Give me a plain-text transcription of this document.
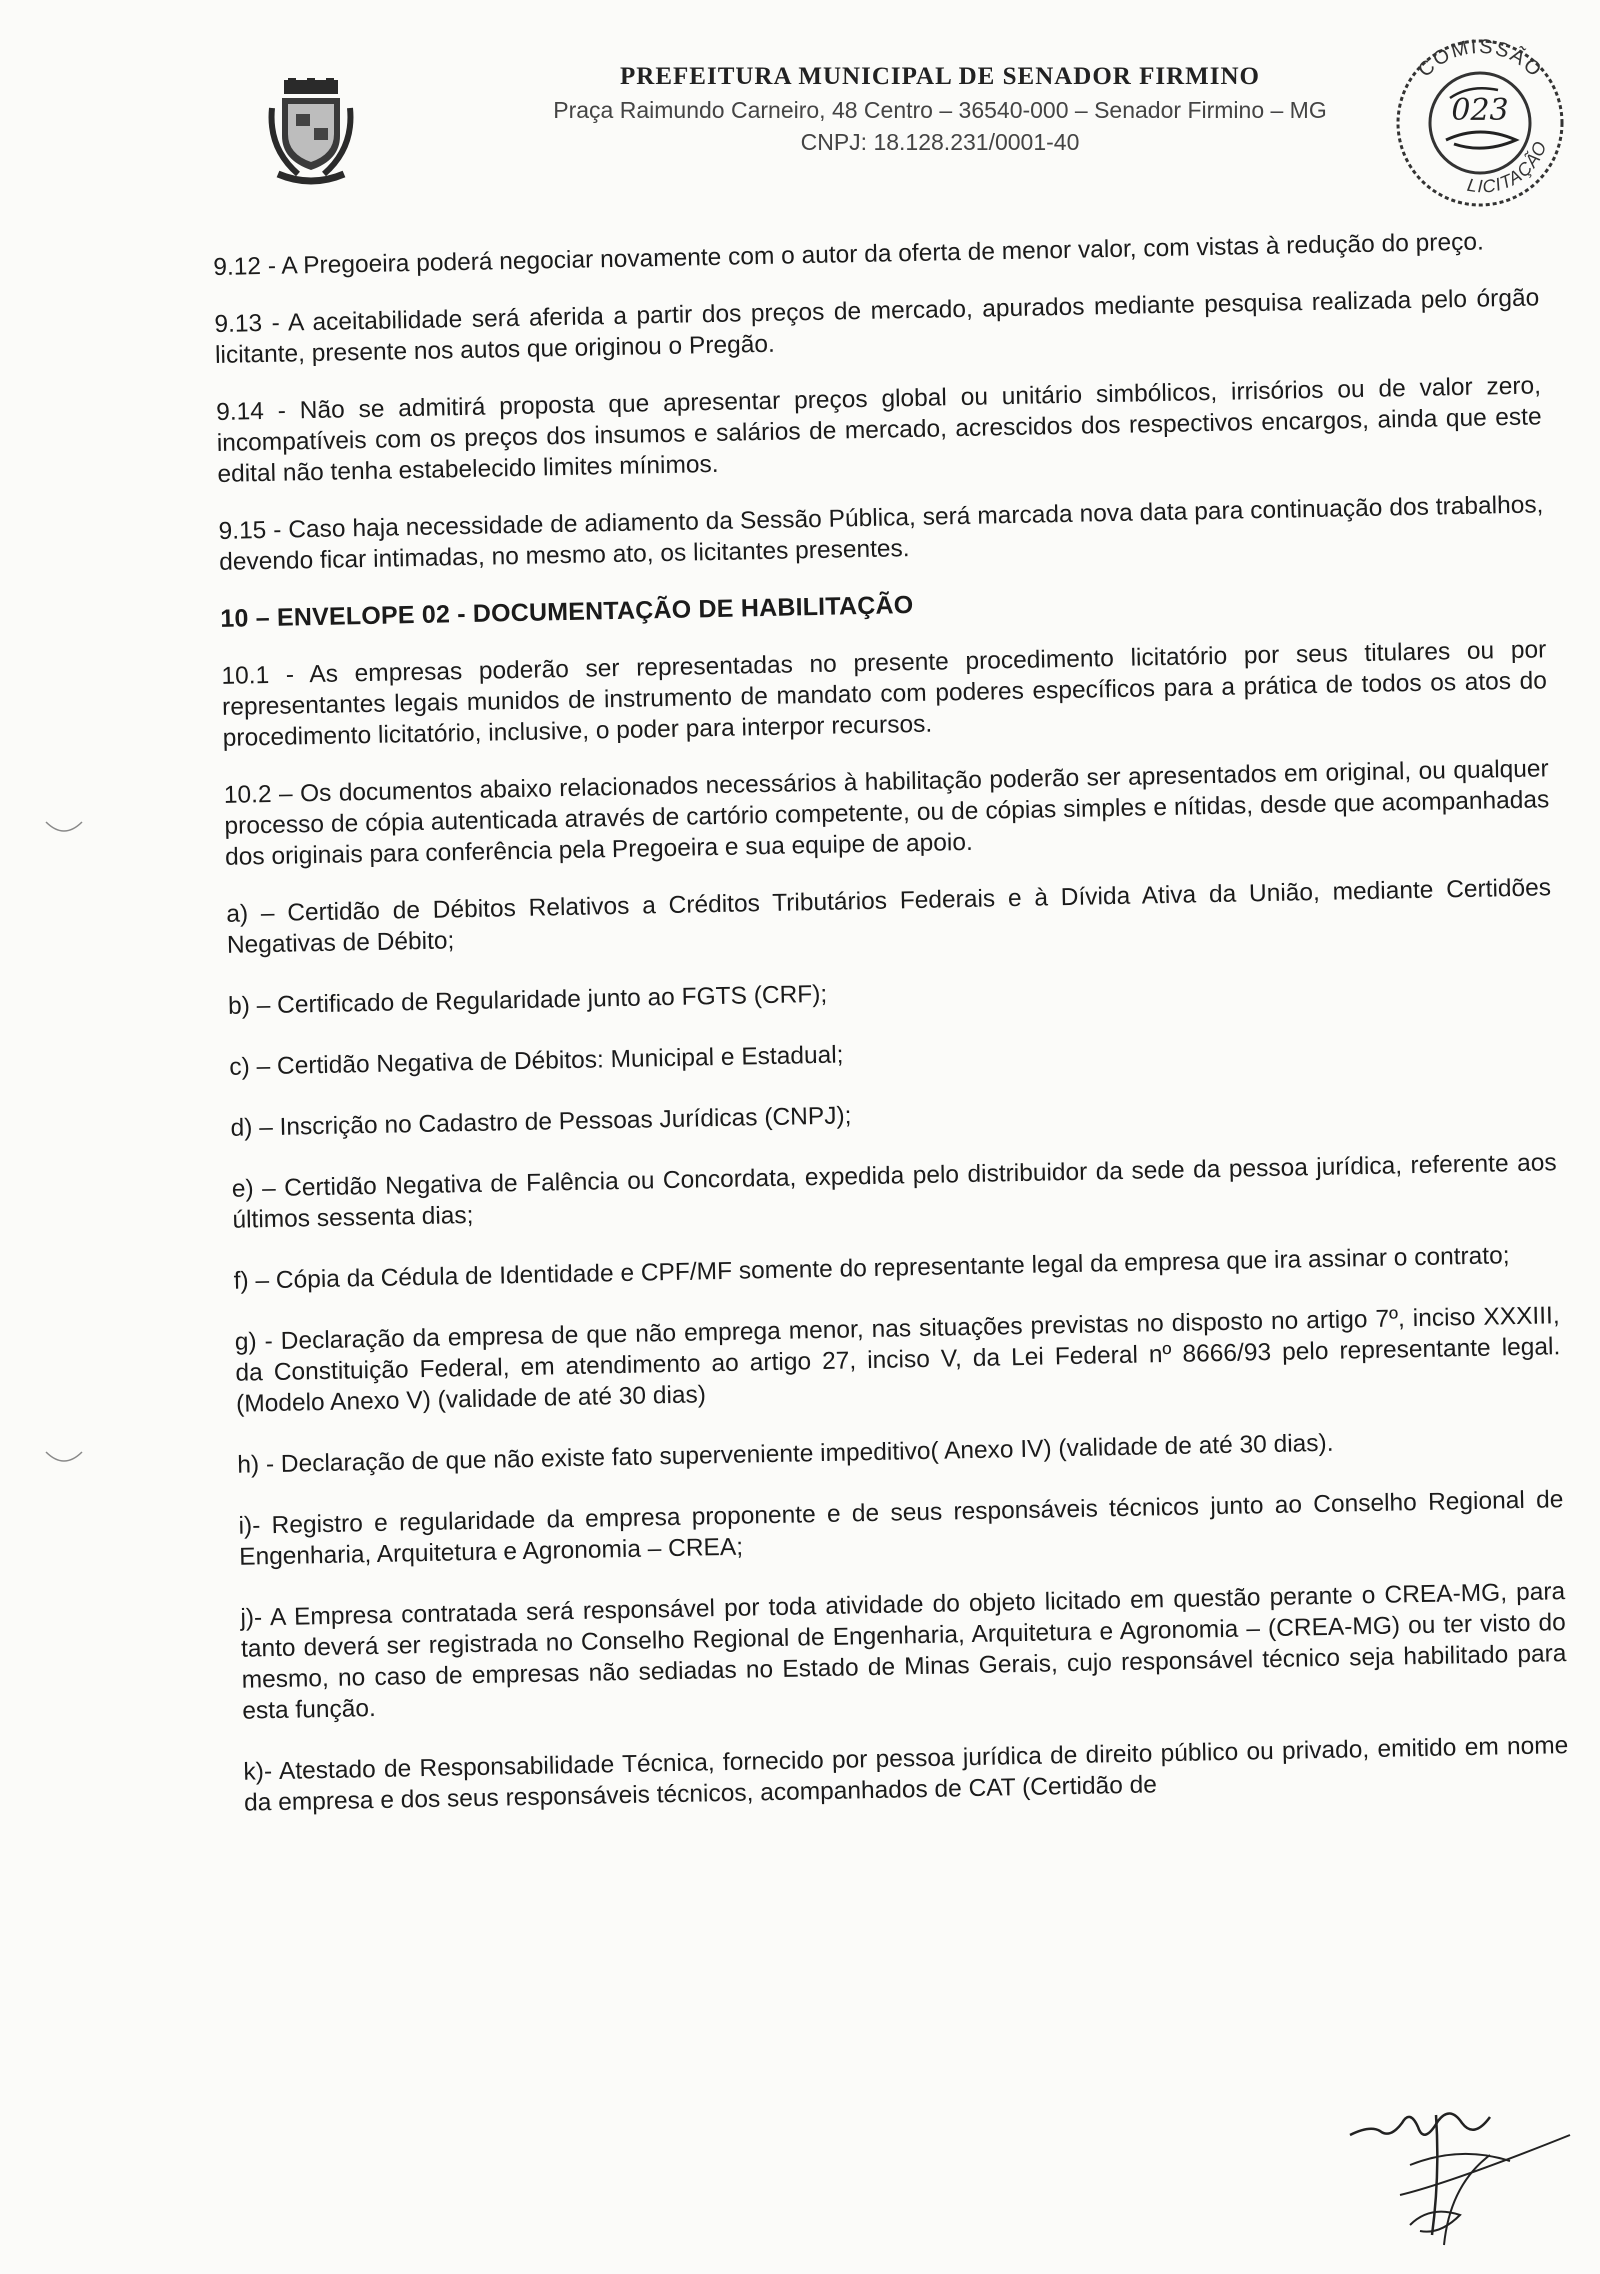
PREFEITURA MUNICIPAL DE SENADOR FIRMINO
Praça Raimundo Carneiro, 48 Centro – 36540-000 – Senador Firmino – MG
CNPJ: 18.128.231/0001-40
COMISSÃO
LICITAÇÃO
023

9.12 - A Pregoeira poderá negociar novamente com o autor da oferta de menor valor, com vistas à redução do preço.

9.13 - A aceitabilidade será aferida a partir dos preços de mercado, apurados mediante pesquisa realizada pelo órgão licitante, presente nos autos que originou o Pregão.

9.14 - Não se admitirá proposta que apresentar preços global ou unitário simbólicos, irrisórios ou de valor zero, incompatíveis com os preços dos insumos e salários de mercado, acrescidos dos respectivos encargos, ainda que este edital não tenha estabelecido limites mínimos.

9.15 - Caso haja necessidade de adiamento da Sessão Pública, será marcada nova data para continuação dos trabalhos, devendo ficar intimadas, no mesmo ato, os licitantes presentes.

10 – ENVELOPE 02 - DOCUMENTAÇÃO DE HABILITAÇÃO

10.1 - As empresas poderão ser representadas no presente procedimento licitatório por seus titulares ou por representantes legais munidos de instrumento de mandato com poderes específicos para a prática de todos os atos do procedimento licitatório, inclusive, o poder para interpor recursos.

10.2 – Os documentos abaixo relacionados necessários à habilitação poderão ser apresentados em original, ou qualquer processo de cópia autenticada através de cartório competente, ou de cópias simples e nítidas, desde que acompanhadas dos originais para conferência pela Pregoeira e sua equipe de apoio.

a) – Certidão de Débitos Relativos a Créditos Tributários Federais e à Dívida Ativa da União, mediante Certidões Negativas de Débito;

b) – Certificado de Regularidade junto ao FGTS (CRF);

c) – Certidão Negativa de Débitos: Municipal e Estadual;

d) – Inscrição no Cadastro de Pessoas Jurídicas (CNPJ);

e) – Certidão Negativa de Falência ou Concordata, expedida pelo distribuidor da sede da pessoa jurídica, referente aos últimos sessenta dias;

f) – Cópia da Cédula de Identidade e CPF/MF somente do representante legal da empresa que ira assinar o contrato;

g) - Declaração da empresa de que não emprega menor, nas situações previstas no disposto no artigo 7º, inciso XXXIII, da Constituição Federal, em atendimento ao artigo 27, inciso V, da Lei Federal nº 8666/93 pelo representante legal. (Modelo Anexo V) (validade de até 30 dias)

h) - Declaração de que não existe fato superveniente impeditivo( Anexo IV) (validade de até 30 dias).

i)- Registro e regularidade da empresa proponente e de seus responsáveis técnicos junto ao Conselho Regional de Engenharia, Arquitetura e Agronomia – CREA;

j)- A Empresa contratada será responsável por toda atividade do objeto licitado em questão perante o CREA-MG, para tanto deverá ser registrada no Conselho Regional de Engenharia, Arquitetura e Agronomia – (CREA-MG) ou ter visto do mesmo, no caso de empresas não sediadas no Estado de Minas Gerais, cujo responsável técnico seja habilitado para esta função.

k)- Atestado de Responsabilidade Técnica, fornecido por pessoa jurídica de direito público ou privado, emitido em nome da empresa e dos seus responsáveis técnicos, acompanhados de CAT (Certidão de
